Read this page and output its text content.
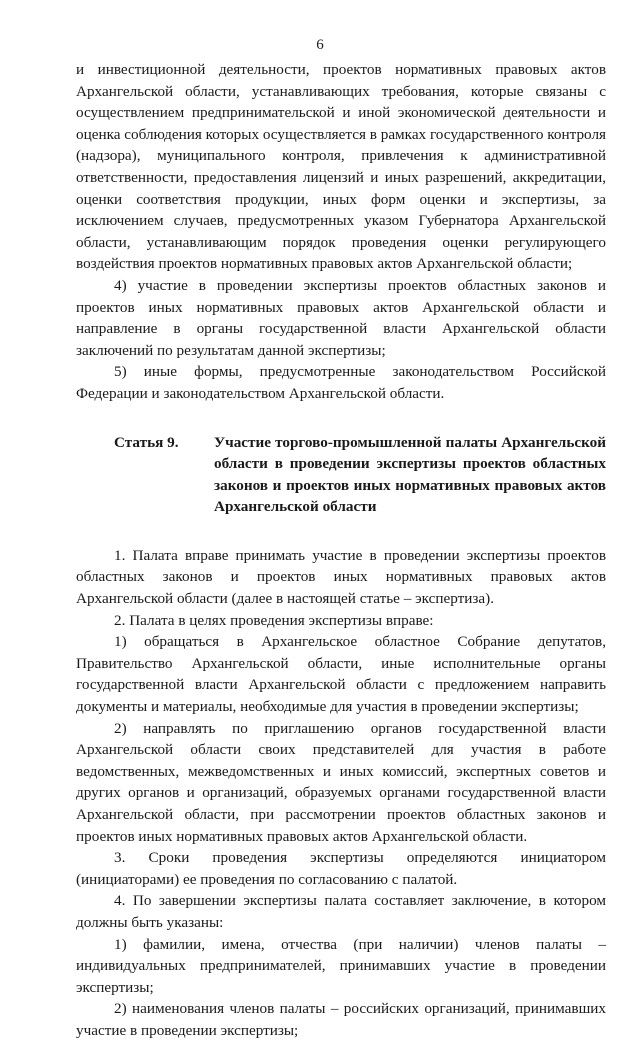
6

и инвестиционной деятельности, проектов нормативных правовых актов Архангельской области, устанавливающих требования, которые связаны с осуществлением предпринимательской и иной экономической деятельности и оценка соблюдения которых осуществляется в рамках государственного контроля (надзора), муниципального контроля, привлечения к административной ответственности, предоставления лицензий и иных разрешений, аккредитации, оценки соответствия продукции, иных форм оценки и экспертизы, за исключением случаев, предусмотренных указом Губернатора Архангельской области, устанавливающим порядок проведения оценки регулирующего воздействия проектов нормативных правовых актов Архангельской области;

4) участие в проведении экспертизы проектов областных законов и проектов иных нормативных правовых актов Архангельской области и направление в органы государственной власти Архангельской области заключений по результатам данной экспертизы;

5) иные формы, предусмотренные законодательством Российской Федерации и законодательством Архангельской области.

Статья 9.	Участие торгово-промышленной палаты Архангельской области в проведении экспертизы проектов областных законов и проектов иных нормативных правовых актов Архангельской области

1. Палата вправе принимать участие в проведении экспертизы проектов областных законов и проектов иных нормативных правовых актов Архангельской области (далее в настоящей статье – экспертиза).

2. Палата в целях проведения экспертизы вправе:

1) обращаться в Архангельское областное Собрание депутатов, Правительство Архангельской области, иные исполнительные органы государственной власти Архангельской области с предложением направить документы и материалы, необходимые для участия в проведении экспертизы;

2) направлять по приглашению органов государственной власти Архангельской области своих представителей для участия в работе ведомственных, межведомственных и иных комиссий, экспертных советов и других органов и организаций, образуемых органами государственной власти Архангельской области, при рассмотрении проектов областных законов и проектов иных нормативных правовых актов Архангельской области.

3. Сроки проведения экспертизы определяются инициатором (инициаторами) ее проведения по согласованию с палатой.

4. По завершении экспертизы палата составляет заключение, в котором должны быть указаны:

1) фамилии, имена, отчества (при наличии) членов палаты – индивидуальных предпринимателей, принимавших участие в проведении экспертизы;

2) наименования членов палаты – российских организаций, принимавших участие в проведении экспертизы;
